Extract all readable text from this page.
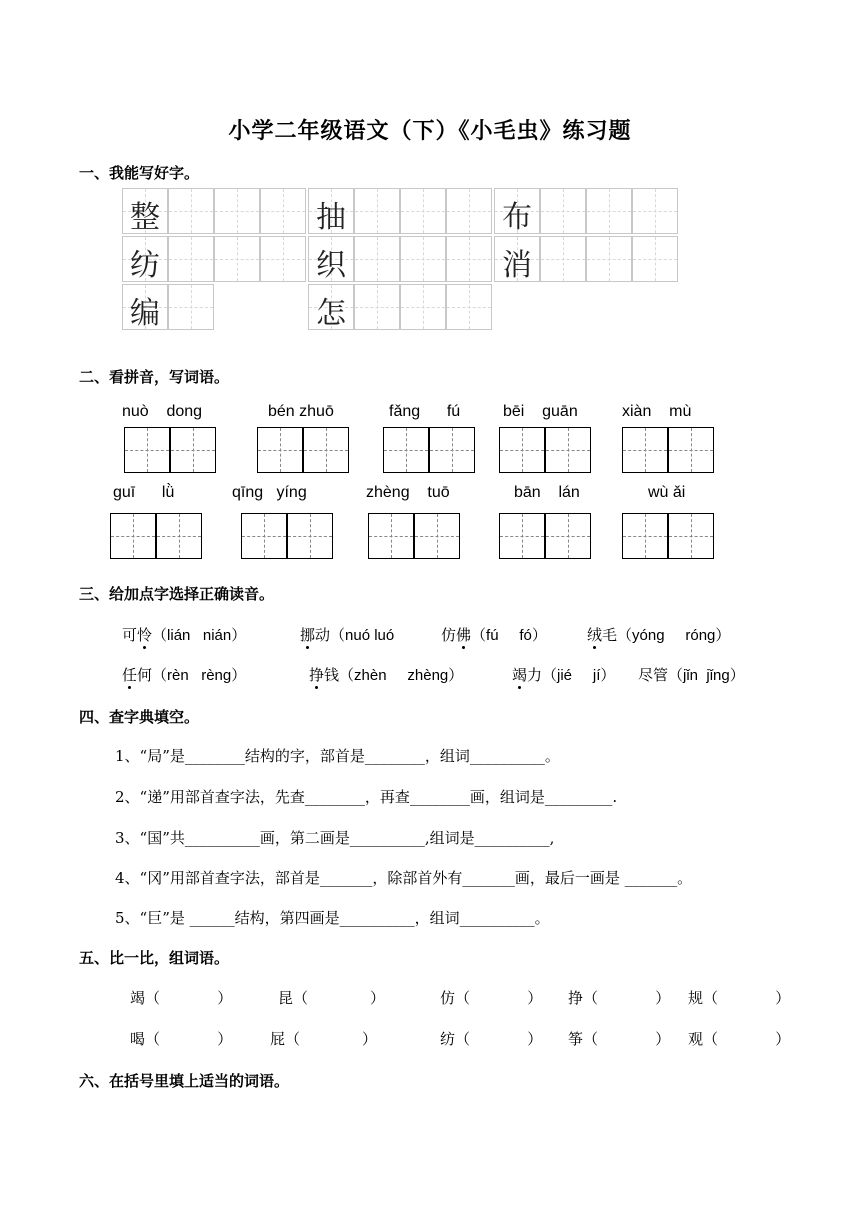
小学二年级语文（下）《小毛虫》练习题
一、我能写好字。
二、看拼音，写词语。
三、给加点字选择正确读音。
四、查字典填空。
1、“局”是________结构的字，部首是________，组词__________。
2、“递”用部首查字法，先查________，再查________画，组词是_________.
3、“国”共__________画，第二画是__________,组词是__________,
4、“冈”用部首查字法，部首是_______，除部首外有_______画，最后一画是 _______。
5、“巨”是 ______结构，第四画是__________，组词__________。
五、比一比，组词语。
六、在括号里填上适当的词语。
整	抽	布
纺	织	消
编	怎
nuò    dong	bén zhuō	fǎng      fú	bēi    guān	xiàn    mù
guī      lǜ	qīng   yíng	zhèng    tuō	bān    lán	wù ǎi
可怜（lián   nián）	挪动（nuó luó	仿佛（fú     fó）	绒毛（yóng     róng）
任何（rèn   rèng）	挣钱（zhèn     zhèng）	竭力（jié     jí） 尽管（jǐn  jǐng）
竭（            ）	昆（             ）	仿（            ） 挣（            ） 规（            ）
喝（            ）	屁（             ）	纺（            ） 筝（            ） 观（            ）
